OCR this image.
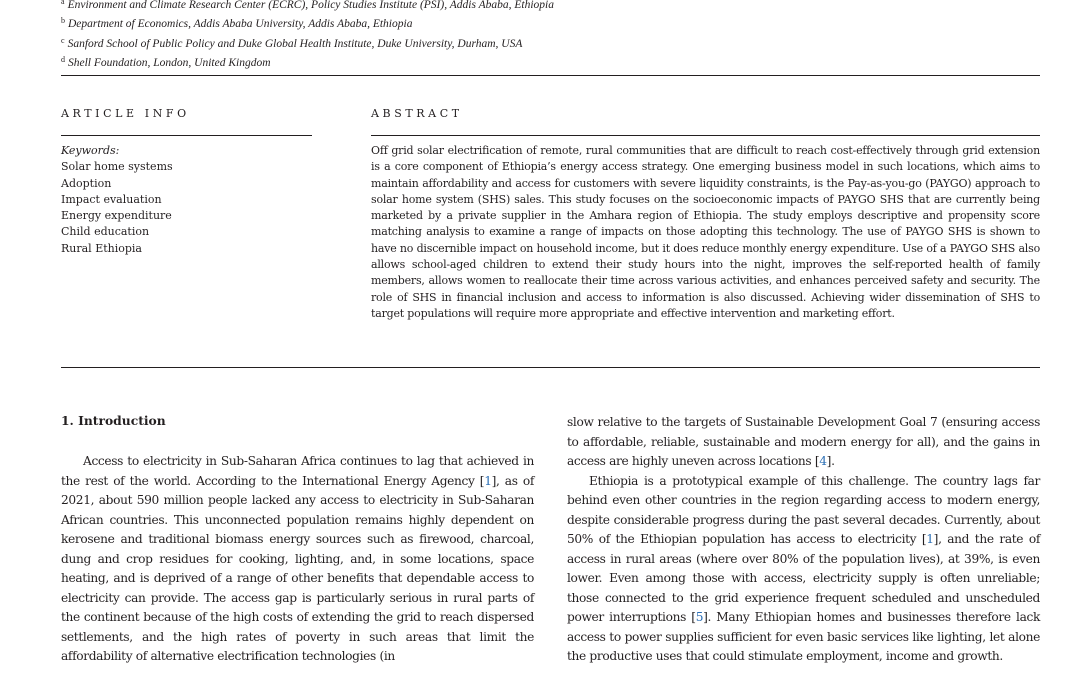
$^a$ Environment and Climate Research Center (ECRC), Policy Studies Institute (PSI), Addis Ababa, Ethiopia
$^b$ Department of Economics, Addis Ababa University, Addis Ababa, Ethiopia
$^c$ Sanford School of Public Policy and Duke Global Health Institute, Duke University, Durham, USA
$^d$ Shell Foundation, London, United Kingdom
ARTICLE INFO	ABSTRACT
Keywords:
Solar home systems
Adoption
Impact evaluation
Energy expenditure
Child education
Rural Ethiopia

Off grid solar electrification of remote, rural communities that are difficult to reach cost-effectively through grid extension is a core component of Ethiopia’s energy access strategy. One emerging business model in such locations, which aims to maintain affordability and access for customers with severe liquidity constraints, is the Pay-as-you-go (PAYGO) approach to solar home system (SHS) sales. This study focuses on the socioeconomic impacts of PAYGO SHS that are currently being marketed by a private supplier in the Amhara region of Ethiopia. The study employs descriptive and propensity score matching analysis to examine a range of impacts on those adopting this technology. The use of PAYGO SHS is shown to have no discernible impact on household income, but it does reduce monthly energy expenditure. Use of a PAYGO SHS also allows school-aged children to extend their study hours into the night, improves the self-reported health of family members, allows women to reallocate their time across various activities, and enhances perceived safety and security. The role of SHS in financial inclusion and access to information is also discussed. Achieving wider dissemination of SHS to target populations will require more appropriate and effective intervention and marketing effort.

1. Introduction

Access to electricity in Sub-Saharan Africa continues to lag that achieved in the rest of the world. According to the International Energy Agency [1], as of 2021, about 590 million people lacked any access to electricity in Sub-Saharan African countries. This unconnected population remains highly dependent on kerosene and traditional biomass energy sources such as firewood, charcoal, dung and crop residues for cooking, lighting, and, in some locations, space heating, and is deprived of a range of other benefits that dependable access to electricity can provide. The access gap is particularly serious in rural parts of the continent because of the high costs of extending the grid to reach dispersed settlements, and the high rates of poverty in such areas that limit the affordability of alternative electrification technologies (in

slow relative to the targets of Sustainable Development Goal 7 (ensuring access to affordable, reliable, sustainable and modern energy for all), and the gains in access are highly uneven across locations [4].

Ethiopia is a prototypical example of this challenge. The country lags far behind even other countries in the region regarding access to modern energy, despite considerable progress during the past several decades. Currently, about 50% of the Ethiopian population has access to electricity [1], and the rate of access in rural areas (where over 80% of the population lives), at 39%, is even lower. Even among those with access, electricity supply is often unreliable; those connected to the grid experience frequent scheduled and unscheduled power interruptions [5]. Many Ethiopian homes and businesses therefore lack access to power supplies sufficient for even basic services like lighting, let alone the productive uses that could stimulate employment, income and growth.
